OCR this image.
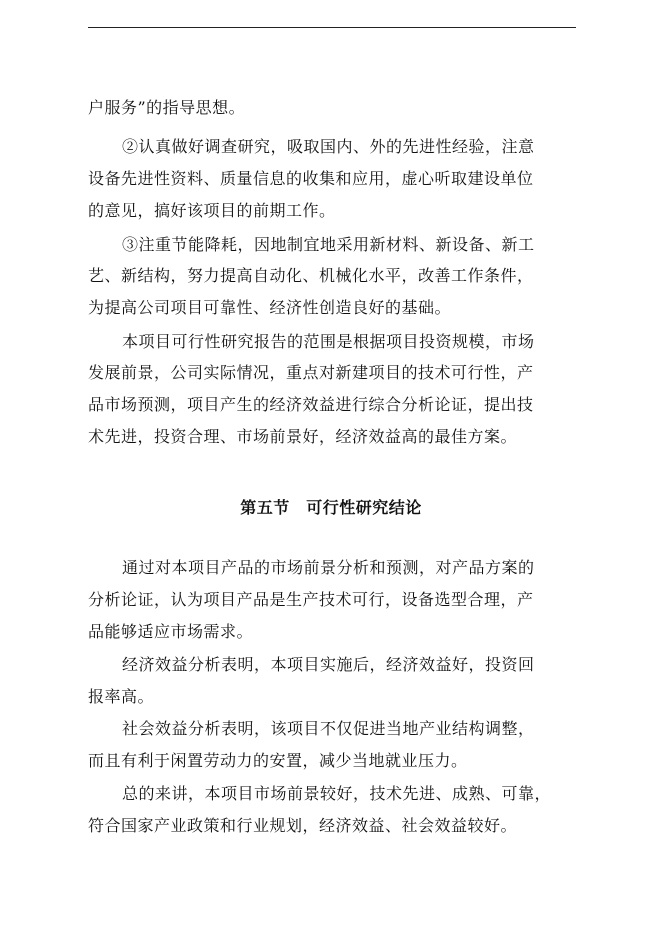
户服务”的指导思想。
②认真做好调查研究，吸取国内、外的先进性经验，注意
设备先进性资料、质量信息的收集和应用，虚心听取建设单位
的意见，搞好该项目的前期工作。
③注重节能降耗，因地制宜地采用新材料、新设备、新工
艺、新结构，努力提高自动化、机械化水平，改善工作条件，
为提高公司项目可靠性、经济性创造良好的基础。
本项目可行性研究报告的范围是根据项目投资规模，市场
发展前景，公司实际情况，重点对新建项目的技术可行性，产
品市场预测，项目产生的经济效益进行综合分析论证，提出技
术先进，投资合理、市场前景好，经济效益高的最佳方案。
第五节　可行性研究结论
通过对本项目产品的市场前景分析和预测，对产品方案的
分析论证，认为项目产品是生产技术可行，设备选型合理，产
品能够适应市场需求。
经济效益分析表明，本项目实施后，经济效益好，投资回
报率高。
社会效益分析表明，该项目不仅促进当地产业结构调整，
而且有利于闲置劳动力的安置，减少当地就业压力。
总的来讲，本项目市场前景较好，技术先进、成熟、可靠，
符合国家产业政策和行业规划，经济效益、社会效益较好。
